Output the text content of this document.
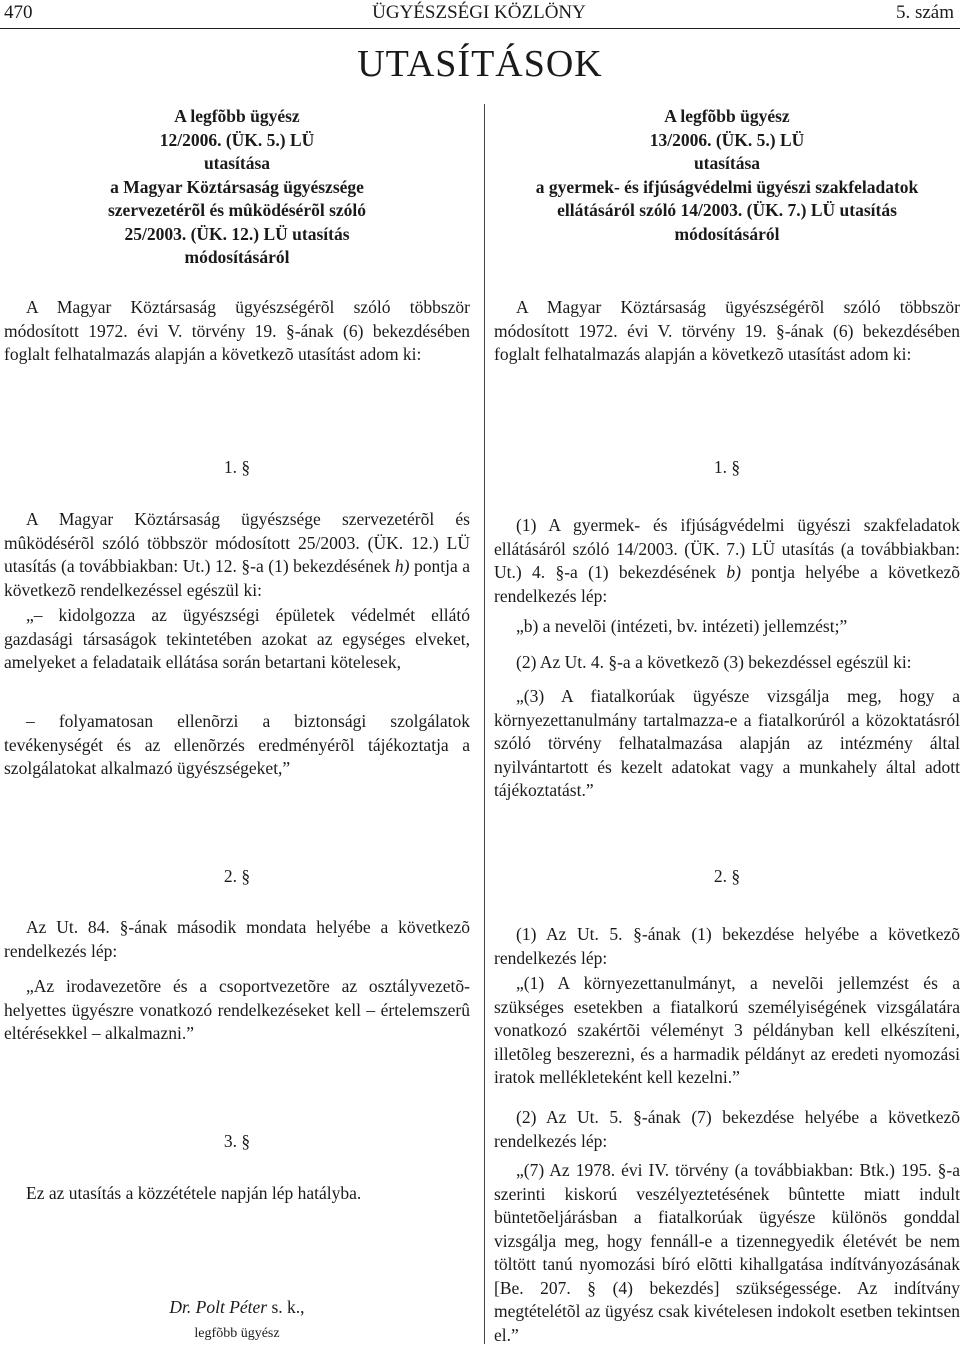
470	ÜGYÉSZSÉGI KÖZLÖNY	5. szám
UTASÍTÁSOK
A legfõbb ügyész
12/2006. (ÜK. 5.) LÜ
utasítása
a Magyar Köztársaság ügyészsége
szervezetérõl és mûködésérõl szóló
25/2003. (ÜK. 12.) LÜ utasítás
módosításáról

A Magyar Köztársaság ügyészségérõl szóló többször módosított 1972. évi V. törvény 19. §-ának (6) bekezdésében foglalt felhatalmazás alapján a következõ utasítást adom ki:

1. §

A Magyar Köztársaság ügyészsége szervezetérõl és mûködésérõl szóló többször módosított 25/2003. (ÜK. 12.) LÜ utasítás (a továbbiakban: Ut.) 12. §-a (1) bekezdésének h) pontja a következõ rendelkezéssel egészül ki:

„– kidolgozza az ügyészségi épületek védelmét ellátó gazdasági társaságok tekintetében azokat az egységes elveket, amelyeket a feladataik ellátása során betartani kötelesek,

– folyamatosan ellenõrzi a biztonsági szolgálatok tevékenységét és az ellenõrzés eredményérõl tájékoztatja a szolgálatokat alkalmazó ügyészségeket,”

2. §

Az Ut. 84. §-ának második mondata helyébe a következõ rendelkezés lép:

„Az irodavezetõre és a csoportvezetõre az osztályvezetõ-helyettes ügyészre vonatkozó rendelkezéseket kell – értelemszerû eltérésekkel – alkalmazni.”

3. §

Ez az utasítás a közzététele napján lép hatályba.

Dr. Polt Péter s. k.,
legfõbb ügyész
A legfõbb ügyész
13/2006. (ÜK. 5.) LÜ
utasítása
a gyermek- és ifjúságvédelmi ügyészi szakfeladatok
ellátásáról szóló 14/2003. (ÜK. 7.) LÜ utasítás
módosításáról

A Magyar Köztársaság ügyészségérõl szóló többször módosított 1972. évi V. törvény 19. §-ának (6) bekezdésében foglalt felhatalmazás alapján a következõ utasítást adom ki:

1. §

(1) A gyermek- és ifjúságvédelmi ügyészi szakfeladatok ellátásáról szóló 14/2003. (ÜK. 7.) LÜ utasítás (a továbbiakban: Ut.) 4. §-a (1) bekezdésének b) pontja helyébe a következõ rendelkezés lép:

„b) a nevelõi (intézeti, bv. intézeti) jellemzést;”

(2) Az Ut. 4. §-a a következõ (3) bekezdéssel egészül ki:

„(3) A fiatalkorúak ügyésze vizsgálja meg, hogy a környezettanulmány tartalmazza-e a fiatalkorúról a közoktatásról szóló törvény felhatalmazása alapján az intézmény által nyilvántartott és kezelt adatokat vagy a munkahely által adott tájékoztatást.”

2. §

(1) Az Ut. 5. §-ának (1) bekezdése helyébe a következõ rendelkezés lép:

„(1) A környezettanulmányt, a nevelõi jellemzést és a szükséges esetekben a fiatalkorú személyiségének vizsgálatára vonatkozó szakértõi véleményt 3 példányban kell elkészíteni, illetõleg beszerezni, és a harmadik példányt az eredeti nyomozási iratok mellékleteként kell kezelni.”

(2) Az Ut. 5. §-ának (7) bekezdése helyébe a következõ rendelkezés lép:

„(7) Az 1978. évi IV. törvény (a továbbiakban: Btk.) 195. §-a szerinti kiskorú veszélyeztetésének bûntette miatt indult büntetõeljárásban a fiatalkorúak ügyésze különös gonddal vizsgálja meg, hogy fennáll-e a tizennegyedik életévét be nem töltött tanú nyomozási bíró elõtti kihallgatása indítványozásának [Be. 207. § (4) bekezdés] szükségessége. Az indítvány megtételétõl az ügyész csak kivételesen indokolt esetben tekintsen el.”
